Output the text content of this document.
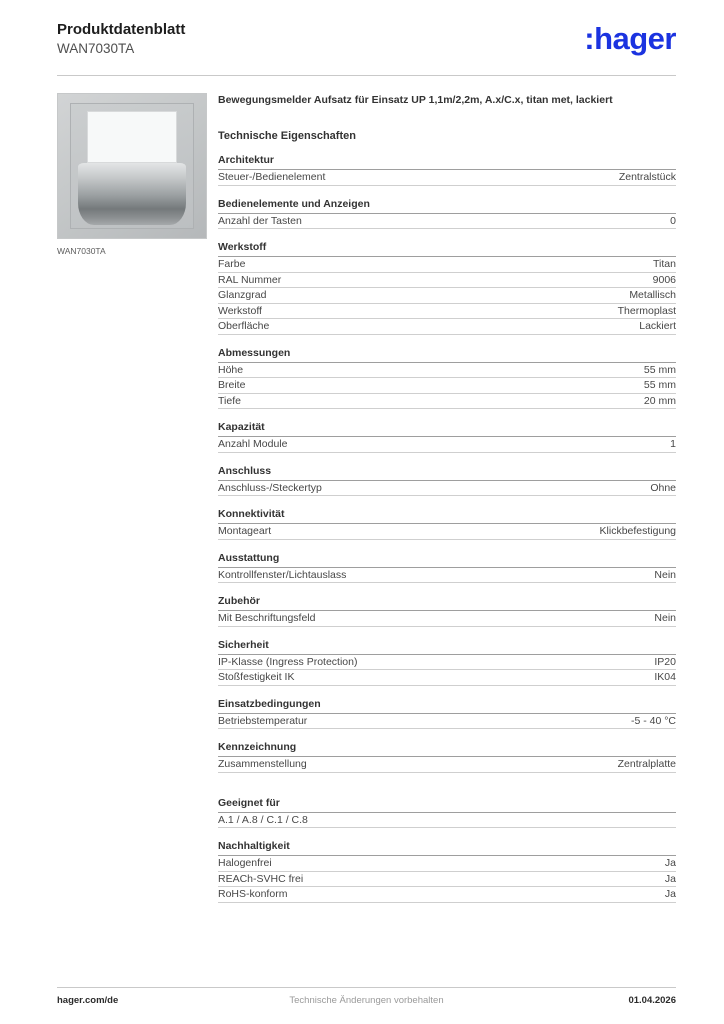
Produktdatenblatt
WAN7030TA	:hager
WAN7030TA
Bewegungsmelder Aufsatz für Einsatz UP 1,1m/2,2m, A.x/C.x, titan met, lackiert
Technische Eigenschaften
Architektur
Steuer-/Bedienelement	Zentralstück
Bedienelemente und Anzeigen
Anzahl der Tasten	0
Werkstoff
Farbe	Titan
RAL Nummer	9006
Glanzgrad	Metallisch
Werkstoff	Thermoplast
Oberfläche	Lackiert
Abmessungen
Höhe	55 mm
Breite	55 mm
Tiefe	20 mm
Kapazität
Anzahl Module	1
Anschluss
Anschluss-/Steckertyp	Ohne
Konnektivität
Montageart	Klickbefestigung
Ausstattung
Kontrollfenster/Lichtauslass	Nein
Zubehör
Mit Beschriftungsfeld	Nein
Sicherheit
IP-Klasse (Ingress Protection)	IP20
Stoßfestigkeit IK	IK04
Einsatzbedingungen
Betriebstemperatur	-5 - 40 °C
Kennzeichnung
Zusammenstellung	Zentralplatte
Geeignet für
A.1 / A.8 / C.1 / C.8
Nachhaltigkeit
Halogenfrei	Ja
REACh-SVHC frei	Ja
RoHS-konform	Ja
hager.com/de	Technische Änderungen vorbehalten	01.04.2026
